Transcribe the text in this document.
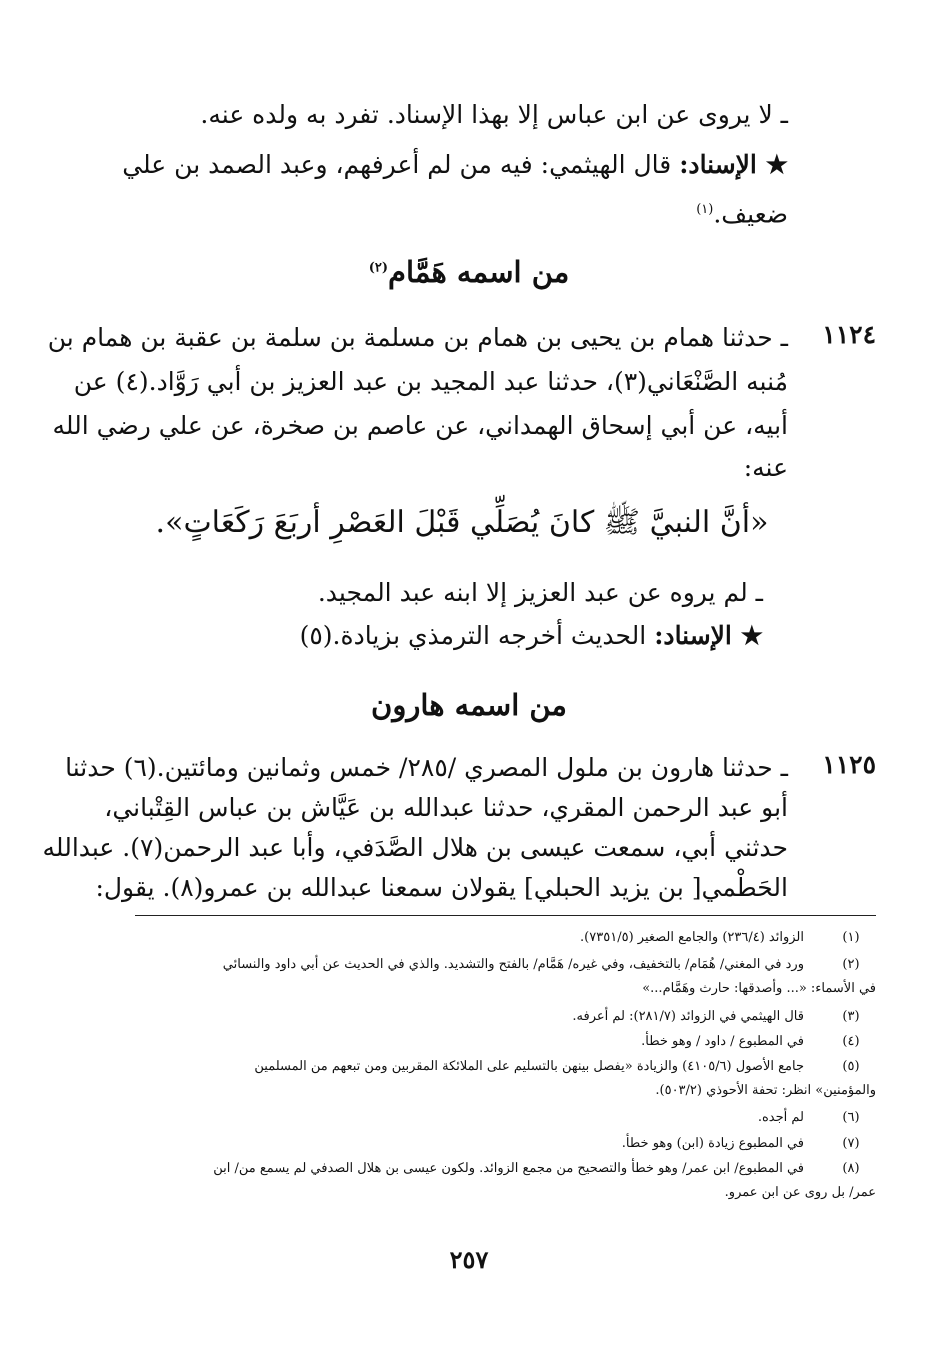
ـ لا يروى عن ابن عباس إلا بهذا الإسناد. تفرد به ولده عنه.
★ الإسناد: قال الهيثمي: فيه من لم أعرفهم، وعبد الصمد بن علي
ضعيف.$^{(١)}$
من اسمه هَمَّام$^{(٢)}$
١١٢٤
ـ حدثنا همام بن يحيى بن همام بن مسلمة بن سلمة بن عقبة بن همام بن
مُنبه الصَّنْعَاني(٣)، حدثنا عبد المجيد بن عبد العزيز بن أبي رَوَّاد.(٤) عن
أبيه، عن أبي إسحاق الهمداني، عن عاصم بن صخرة، عن علي رضي الله
عنه:
«أنَّ النبيَّ ﷺ كانَ يُصَلِّي قَبْلَ العَصْرِ أربَعَ رَكَعَاتٍ».
ـ لم يروه عن عبد العزيز إلا ابنه عبد المجيد.
★ الإسناد: الحديث أخرجه الترمذي بزيادة.(٥)
من اسمه هارون
١١٢٥
ـ حدثنا هارون بن ملول المصري /٢٨٥/ خمس وثمانين ومائتين.(٦) حدثنا
أبو عبد الرحمن المقري، حدثنا عبدالله بن عَيَّاش بن عباس القِتْباني،
حدثني أبي، سمعت عيسى بن هلال الصَّدَفي، وأبا عبد الرحمن(٧). عبدالله
الحَطْمي[ بن يزيد الحبلي] يقولان سمعنا عبدالله بن عمرو(٨). يقول:
(١)
الزوائد (٢٣٦/٤) والجامع الصغير (٧٣٥١/٥).
(٢)
ورد في المغني/ هُمَام/ بالتخفيف، وفي غيره/ هَمَّام/ بالفتح والتشديد. والذي في الحديث عن أبي داود والنسائي
في الأسماء: «... وأصدقها: حارث وهَمَّام...»
(٣)
قال الهيثمي في الزوائد (٢٨١/٧): لم أعرفه.
(٤)
في المطبوع / داود / وهو خطأ.
(٥)
جامع الأصول (٤١٠٥/٦) والزيادة «يفصل بينهن بالتسليم على الملائكة المقربين ومن تبعهم من المسلمين
والمؤمنين» انظر: تحفة الأحوذي (٥٠٣/٢).
(٦)
لم أجده.
(٧)
في المطبوع زيادة (ابن) وهو خطأ.
(٨)
في المطبوع/ ابن عمر/ وهو خطأ والتصحيح من مجمع الزوائد. ولكون عيسى بن هلال الصدفي لم يسمع من/ ابن
عمر/ بل روى عن ابن عمرو.
٢٥٧
